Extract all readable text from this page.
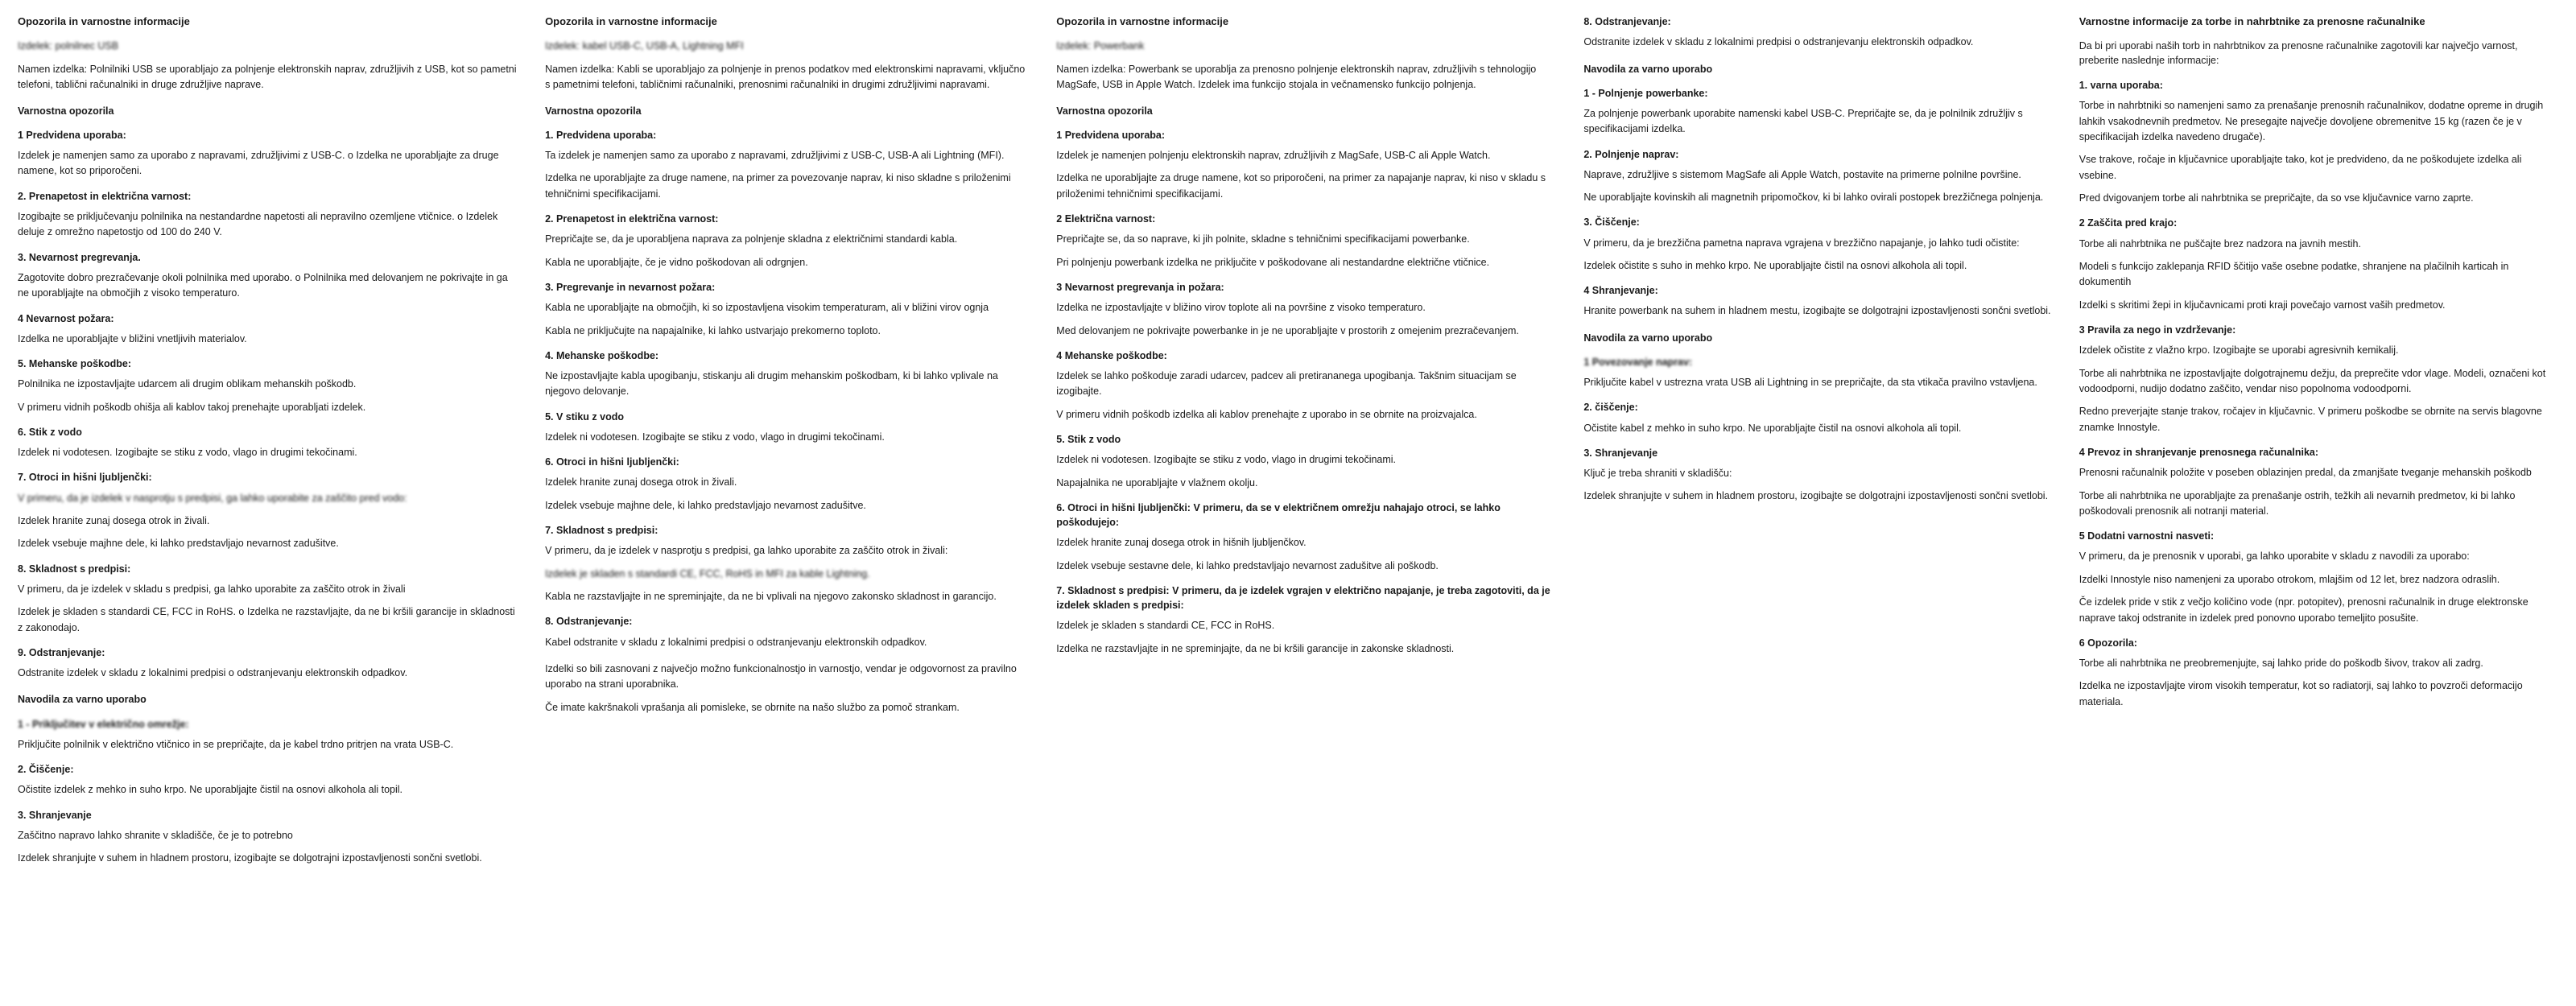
Opozorila in varnostne informacije

Izdelek: polnilnec USB

Namen izdelka: Polnilniki USB se uporabljajo za polnjenje elektronskih naprav, združljivih z USB, kot so pametni telefoni, tablični računalniki in druge združljive naprave.

Varnostna opozorila
1 Predvidena uporaba:

Izdelek je namenjen samo za uporabo z napravami, združljivimi z USB-C. o Izdelka ne uporabljajte za druge namene, kot so priporočeni.

2. Prenapetost in električna varnost:

Izogibajte se priključevanju polnilnika na nestandardne napetosti ali nepravilno ozemljene vtičnice. o Izdelek deluje z omrežno napetostjo od 100 do 240 V.

3. Nevarnost pregrevanja.

Zagotovite dobro prezračevanje okoli polnilnika med uporabo. o Polnilnika med delovanjem ne pokrivajte in ga ne uporabljajte na območjih z visoko temperaturo.

4 Nevarnost požara:

Izdelka ne uporabljajte v bližini vnetljivih materialov.

5. Mehanske poškodbe:

Polnilnika ne izpostavljajte udarcem ali drugim oblikam mehanskih poškodb.

V primeru vidnih poškodb ohišja ali kablov takoj prenehajte uporabljati izdelek.

6. Stik z vodo

Izdelek ni vodotesen. Izogibajte se stiku z vodo, vlago in drugimi tekočinami.

7. Otroci in hišni ljubljenčki:

V primeru, da je izdelek v nasprotju s predpisi, ga lahko uporabite za zaščito pred vodo:

Izdelek hranite zunaj dosega otrok in živali.

Izdelek vsebuje majhne dele, ki lahko predstavljajo nevarnost zadušitve.

8. Skladnost s predpisi:

V primeru, da je izdelek v skladu s predpisi, ga lahko uporabite za zaščito otrok in živali

Izdelek je skladen s standardi CE, FCC in RoHS. o Izdelka ne razstavljajte, da ne bi kršili garancije in skladnosti z zakonodajo.

9. Odstranjevanje:

Odstranite izdelek v skladu z lokalnimi predpisi o odstranjevanju elektronskih odpadkov.

Navodila za varno uporabo
1 - Priključitev v električno omrežje:

Priključite polnilnik v električno vtičnico in se prepričajte, da je kabel trdno pritrjen na vrata USB-C.

2. Čiščenje:

Očistite izdelek z mehko in suho krpo. Ne uporabljajte čistil na osnovi alkohola ali topil.

3. Shranjevanje

Zaščitno napravo lahko shranite v skladišče, če je to potrebno

Izdelek shranjujte v suhem in hladnem prostoru, izogibajte se dolgotrajni izpostavljenosti sončni svetlobi.

Opozorila in varnostne informacije

Izdelek: kabel USB-C, USB-A, Lightning MFI

Namen izdelka: Kabli se uporabljajo za polnjenje in prenos podatkov med elektronskimi napravami, vključno s pametnimi telefoni, tabličnimi računalniki, prenosnimi računalniki in drugimi združljivimi napravami.

Varnostna opozorila
1. Predvidena uporaba:

Ta izdelek je namenjen samo za uporabo z napravami, združljivimi z USB-C, USB-A ali Lightning (MFI).

Izdelka ne uporabljajte za druge namene, na primer za povezovanje naprav, ki niso skladne s priloženimi tehničnimi specifikacijami.

2. Prenapetost in električna varnost:

Prepričajte se, da je uporabljena naprava za polnjenje skladna z električnimi standardi kabla.

Kabla ne uporabljajte, če je vidno poškodovan ali odrgnjen.

3. Pregrevanje in nevarnost požara:

Kabla ne uporabljajte na območjih, ki so izpostavljena visokim temperaturam, ali v bližini virov ognja

Kabla ne priključujte na napajalnike, ki lahko ustvarjajo prekomerno toploto.

4. Mehanske poškodbe:

Ne izpostavljajte kabla upogibanju, stiskanju ali drugim mehanskim poškodbam, ki bi lahko vplivale na njegovo delovanje.

5. V stiku z vodo

Izdelek ni vodotesen. Izogibajte se stiku z vodo, vlago in drugimi tekočinami.

6. Otroci in hišni ljubljenčki:

Izdelek hranite zunaj dosega otrok in živali.

Izdelek vsebuje majhne dele, ki lahko predstavljajo nevarnost zadušitve.

7. Skladnost s predpisi:

V primeru, da je izdelek v nasprotju s predpisi, ga lahko uporabite za zaščito otrok in živali:

Izdelek je skladen s standardi CE, FCC, RoHS in MFI za kable Lightning.

Kabla ne razstavljajte in ne spreminjajte, da ne bi vplivali na njegovo zakonsko skladnost in garancijo.

8. Odstranjevanje:

Kabel odstranite v skladu z lokalnimi predpisi o odstranjevanju elektronskih odpadkov.

Izdelki so bili zasnovani z največjo možno funkcionalnostjo in varnostjo, vendar je odgovornost za pravilno uporabo na strani uporabnika.

Če imate kakršnakoli vprašanja ali pomisleke, se obrnite na našo službo za pomoč strankam.

Opozorila in varnostne informacije

Izdelek: Powerbank

Namen izdelka: Powerbank se uporablja za prenosno polnjenje elektronskih naprav, združljivih s tehnologijo MagSafe, USB in Apple Watch. Izdelek ima funkcijo stojala in večnamensko funkcijo polnjenja.

Varnostna opozorila
1 Predvidena uporaba:

Izdelek je namenjen polnjenju elektronskih naprav, združljivih z MagSafe, USB-C ali Apple Watch.

Izdelka ne uporabljajte za druge namene, kot so priporočeni, na primer za napajanje naprav, ki niso v skladu s priloženimi tehničnimi specifikacijami.

2 Električna varnost:

Prepričajte se, da so naprave, ki jih polnite, skladne s tehničnimi specifikacijami powerbanke.

Pri polnjenju powerbank izdelka ne priključite v poškodovane ali nestandardne električne vtičnice.

3 Nevarnost pregrevanja in požara:

Izdelka ne izpostavljajte v bližino virov toplote ali na površine z visoko temperaturo.

Med delovanjem ne pokrivajte powerbanke in je ne uporabljajte v prostorih z omejenim prezračevanjem.

4 Mehanske poškodbe:

Izdelek se lahko poškoduje zaradi udarcev, padcev ali pretirananega upogibanja. Takšnim situacijam se izogibajte.

V primeru vidnih poškodb izdelka ali kablov prenehajte z uporabo in se obrnite na proizvajalca.

5. Stik z vodo

Izdelek ni vodotesen. Izogibajte se stiku z vodo, vlago in drugimi tekočinami.

Napajalnika ne uporabljajte v vlažnem okolju.

6. Otroci in hišni ljubljenčki: V primeru, da se v električnem omrežju nahajajo otroci, se lahko poškodujejo:

Izdelek hranite zunaj dosega otrok in hišnih ljubljenčkov.

Izdelek vsebuje sestavne dele, ki lahko predstavljajo nevarnost zadušitve ali poškodb.

7. Skladnost s predpisi: V primeru, da je izdelek vgrajen v električno napajanje, je treba zagotoviti, da je izdelek skladen s predpisi:

Izdelek je skladen s standardi CE, FCC in RoHS.

Izdelka ne razstavljajte in ne spreminjajte, da ne bi kršili garancije in zakonske skladnosti.

8. Odstranjevanje:

Odstranite izdelek v skladu z lokalnimi predpisi o odstranjevanju elektronskih odpadkov.

Navodila za varno uporabo
1 - Polnjenje powerbanke:

Za polnjenje powerbank uporabite namenski kabel USB-C. Prepričajte se, da je polnilnik združljiv s specifikacijami izdelka.

2. Polnjenje naprav:

Naprave, združljive s sistemom MagSafe ali Apple Watch, postavite na primerne polnilne površine.

Ne uporabljajte kovinskih ali magnetnih pripomočkov, ki bi lahko ovirali postopek brezžičnega polnjenja.

3. Čiščenje:

V primeru, da je brezžična pametna naprava vgrajena v brezžično napajanje, jo lahko tudi očistite:

Izdelek očistite s suho in mehko krpo. Ne uporabljajte čistil na osnovi alkohola ali topil.

4 Shranjevanje:

Hranite powerbank na suhem in hladnem mestu, izogibajte se dolgotrajni izpostavljenosti sončni svetlobi.

Navodila za varno uporabo
1 Povezovanje naprav:

Priključite kabel v ustrezna vrata USB ali Lightning in se prepričajte, da sta vtikača pravilno vstavljena.

2. čiščenje:

Očistite kabel z mehko in suho krpo. Ne uporabljajte čistil na osnovi alkohola ali topil.

3. Shranjevanje

Ključ je treba shraniti v skladišču:

Izdelek shranjujte v suhem in hladnem prostoru, izogibajte se dolgotrajni izpostavljenosti sončni svetlobi.

Varnostne informacije za torbe in nahrbtnike za prenosne računalnike

Da bi pri uporabi naših torb in nahrbtnikov za prenosne računalnike zagotovili kar največjo varnost, preberite naslednje informacije:

1. varna uporaba:

Torbe in nahrbtniki so namenjeni samo za prenašanje prenosnih računalnikov, dodatne opreme in drugih lahkih vsakodnevnih predmetov. Ne presegajte največje dovoljene obremenitve 15 kg (razen če je v specifikacijah izdelka navedeno drugače).

Vse trakove, ročaje in ključavnice uporabljajte tako, kot je predvideno, da ne poškodujete izdelka ali vsebine.

Pred dvigovanjem torbe ali nahrbtnika se prepričajte, da so vse ključavnice varno zaprte.

2 Zaščita pred krajo:

Torbe ali nahrbtnika ne puščajte brez nadzora na javnih mestih.

Modeli s funkcijo zaklepanja RFID ščitijo vaše osebne podatke, shranjene na plačilnih karticah in dokumentih

Izdelki s skritimi žepi in ključavnicami proti kraji povečajo varnost vaših predmetov.

3 Pravila za nego in vzdrževanje:

Izdelek očistite z vlažno krpo. Izogibajte se uporabi agresivnih kemikalij.

Torbe ali nahrbtnika ne izpostavljajte dolgotrajnemu dežju, da preprečite vdor vlage. Modeli, označeni kot vodoodporni, nudijo dodatno zaščito, vendar niso popolnoma vodoodporni.

Redno preverjajte stanje trakov, ročajev in ključavnic. V primeru poškodbe se obrnite na servis blagovne znamke Innostyle.

4 Prevoz in shranjevanje prenosnega računalnika:

Prenosni računalnik položite v poseben oblazinjen predal, da zmanjšate tveganje mehanskih poškodb

Torbe ali nahrbtnika ne uporabljajte za prenašanje ostrih, težkih ali nevarnih predmetov, ki bi lahko poškodovali prenosnik ali notranji material.

5 Dodatni varnostni nasveti:

V primeru, da je prenosnik v uporabi, ga lahko uporabite v skladu z navodili za uporabo:

Izdelki Innostyle niso namenjeni za uporabo otrokom, mlajšim od 12 let, brez nadzora odraslih.

Če izdelek pride v stik z večjo količino vode (npr. potopitev), prenosni računalnik in druge elektronske naprave takoj odstranite in izdelek pred ponovno uporabo temeljito posušite.

6 Opozorila:

Torbe ali nahrbtnika ne preobremenjujte, saj lahko pride do poškodb šivov, trakov ali zadrg.

Izdelka ne izpostavljajte virom visokih temperatur, kot so radiatorji, saj lahko to povzroči deformacijo materiala.
